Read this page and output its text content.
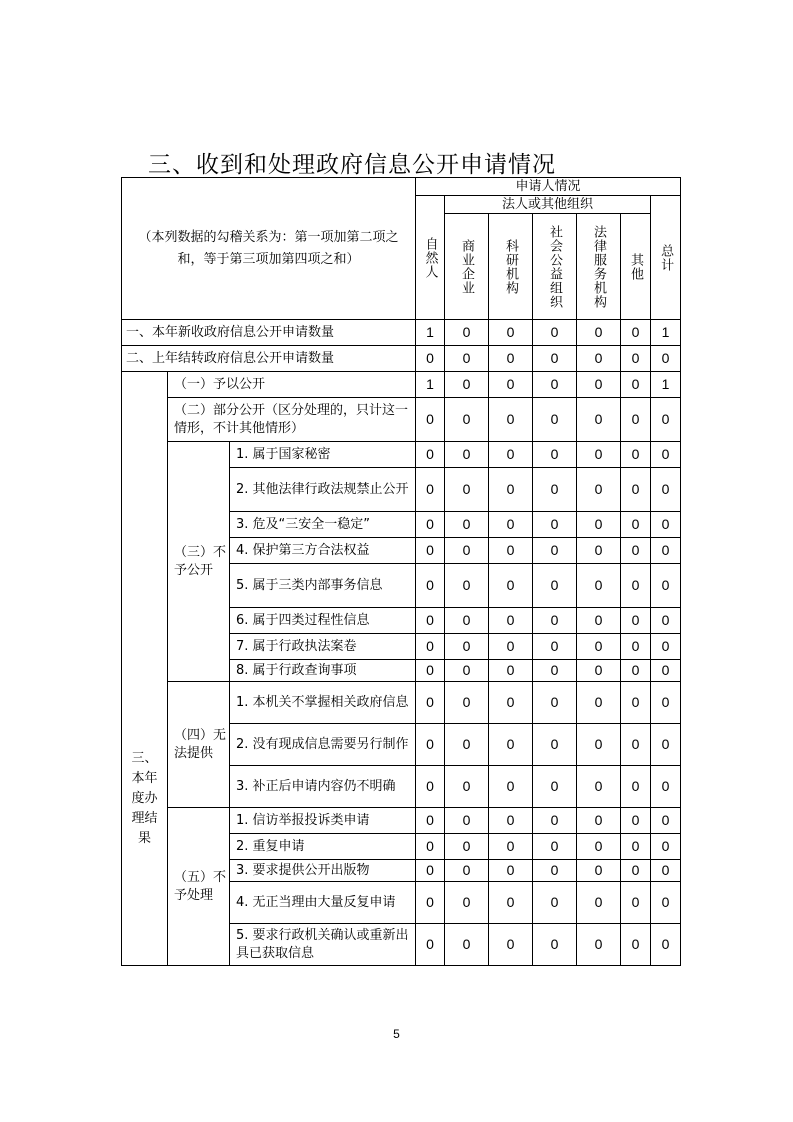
三、收到和处理政府信息公开申请情况
（本列数据的勾稽关系为：第一项加第二项之和，等于第三项加第四项之和）			申请人情况						
			自然人	法人或其他组织					总计
				商业企业	科研机构	社会公益组织	法律服务机构	其他	
一、本年新收政府信息公开申请数量			1	0	0	0	0	0	1
二、上年结转政府信息公开申请数量			0	0	0	0	0	0	0

三、本年度办理结果	（一）予以公开		1	0	0	0	0	0	1

	（二）部分公开（区分处理的，只计这一情形，不计其他情形）		0	0	0	0	0	0	0

	（三）不予公开	1. 属于国家秘密	0	0	0	0	0	0	0

		2. 其他法律行政法规禁止公开	0	0	0	0	0	0	0

		3. 危及“三安全一稳定”	0	0	0	0	0	0	0

		4. 保护第三方合法权益	0	0	0	0	0	0	0

		5. 属于三类内部事务信息	0	0	0	0	0	0	0

		6. 属于四类过程性信息	0	0	0	0	0	0	0

		7. 属于行政执法案卷	0	0	0	0	0	0	0

		8. 属于行政查询事项	0	0	0	0	0	0	0

	（四）无法提供	1. 本机关不掌握相关政府信息	0	0	0	0	0	0	0

		2. 没有现成信息需要另行制作	0	0	0	0	0	0	0

		3. 补正后申请内容仍不明确	0	0	0	0	0	0	0

	（五）不予处理	1. 信访举报投诉类申请	0	0	0	0	0	0	0

		2. 重复申请	0	0	0	0	0	0	0

		3. 要求提供公开出版物	0	0	0	0	0	0	0

		4. 无正当理由大量反复申请	0	0	0	0	0	0	0

		5. 要求行政机关确认或重新出具已获取信息	0	0	0	0	0	0	0
5
